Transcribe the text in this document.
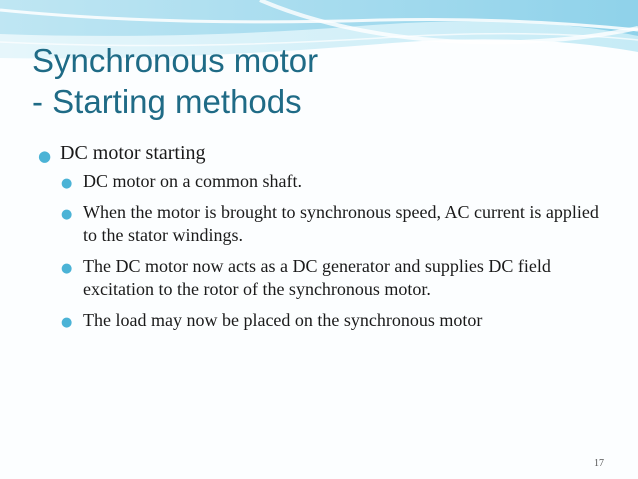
Synchronous motor
- Starting methods
● DC motor starting
● DC motor on a common shaft.
● When the motor is brought to synchronous speed, AC current is applied to the stator windings.
● The DC motor now acts as a DC generator and supplies DC field excitation to the rotor of the synchronous motor.
● The load may now be placed on the synchronous motor
17
